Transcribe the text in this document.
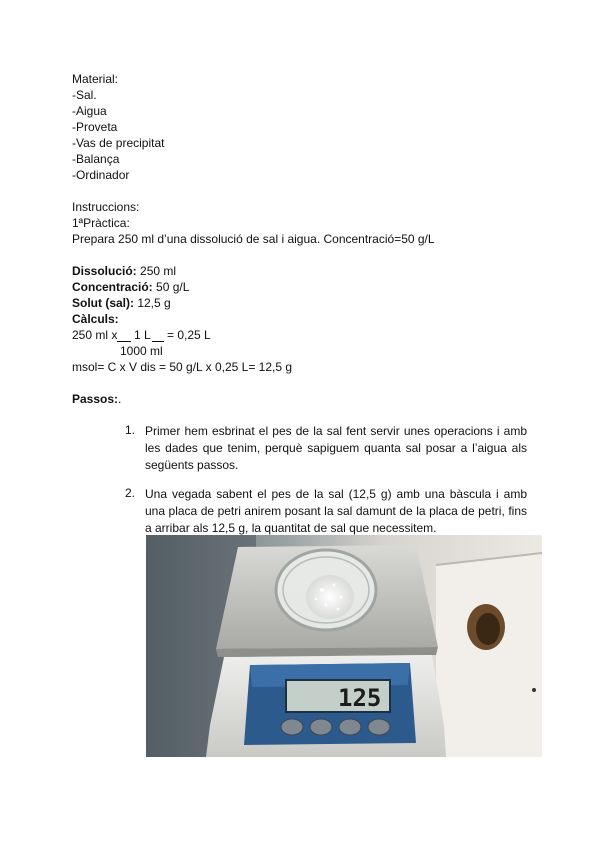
Material:
-Sal.
-Aigua
-Proveta
-Vas de precipitat
-Balança
-Ordinador
Instruccions:
1ªPràctica:
Prepara 250 ml d’una dissolució de sal i aigua. Concentració=50 g/L
Dissolució: 250 ml
Concentració: 50 g/L
Solut (sal): 12,5 g
Càlculs:
250 ml x 1 L = 0,25 L
1000 ml
msol= C x V dis = 50 g/L x 0,25 L= 12,5 g
Passos:.
1. Primer hem esbrinat el pes de la sal fent servir unes operacions i amb les dades que tenim, perquè sapiguem quanta sal posar a l’aigua als següents passos.
2. Una vegada sabent el pes de la sal (12,5 g) amb una bàscula i amb una placa de petri anirem posant la sal damunt de la placa de petri, fins a arribar als 12,5 g, la quantitat de sal que necessitem.
125
